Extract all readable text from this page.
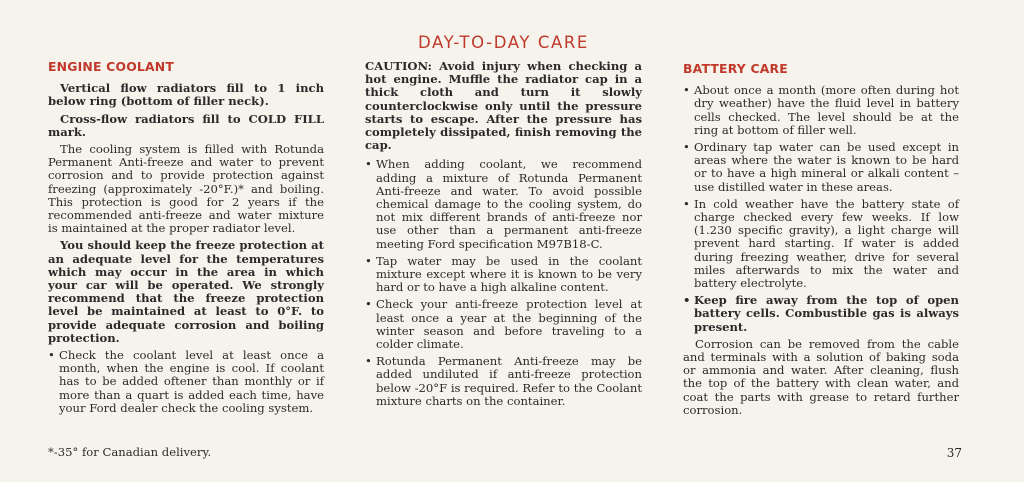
DAY-TO-DAY CARE
ENGINE COOLANT

Vertical flow radiators fill to 1 inch below ring (bottom of filler neck).

Cross-flow radiators fill to COLD FILL mark.

The cooling system is filled with Rotunda Permanent Anti-freeze and water to prevent corrosion and to provide protection against freezing (approximately -20°F.)* and boiling. This protection is good for 2 years if the recommended anti-freeze and water mixture is maintained at the proper radiator level.

You should keep the freeze protection at an adequate level for the temperatures which may occur in the area in which your car will be operated. We strongly recommend that the freeze protection level be maintained at least to 0°F. to provide adequate corrosion and boiling protection.

• Check the coolant level at least once a month, when the engine is cool. If coolant has to be added oftener than monthly or if more than a quart is added each time, have your Ford dealer check the cooling system.

CAUTION: Avoid injury when checking a hot engine. Muffle the radiator cap in a thick cloth and turn it slowly counterclockwise only until the pressure starts to escape. After the pressure has completely dissipated, finish removing the cap.

• When adding coolant, we recommend adding a mixture of Rotunda Permanent Anti-freeze and water. To avoid possible chemical damage to the cooling system, do not mix different brands of anti-freeze nor use other than a permanent anti-freeze meeting Ford specification M97B18-C.
• Tap water may be used in the coolant mixture except where it is known to be very hard or to have a high alkaline content.
• Check your anti-freeze protection level at least once a year at the beginning of the winter season and before traveling to a colder climate.
• Rotunda Permanent Anti-freeze may be added undiluted if anti-freeze protection below -20°F is required. Refer to the Coolant mixture charts on the container.
BATTERY CARE
• About once a month (more often during hot dry weather) have the fluid level in battery cells checked. The level should be at the ring at bottom of filler well.
• Ordinary tap water can be used except in areas where the water is known to be hard or to have a high mineral or alkali content – use distilled water in these areas.
• In cold weather have the battery state of charge checked every few weeks. If low (1.230 specific gravity), a light charge will prevent hard starting. If water is added during freezing weather, drive for several miles afterwards to mix the water and battery electrolyte.
• Keep fire away from the top of open battery cells. Combustible gas is always present.

Corrosion can be removed from the cable and terminals with a solution of baking soda or ammonia and water. After cleaning, flush the top of the battery with clean water, and coat the parts with grease to retard further corrosion.

*-35° for Canadian delivery.	37
